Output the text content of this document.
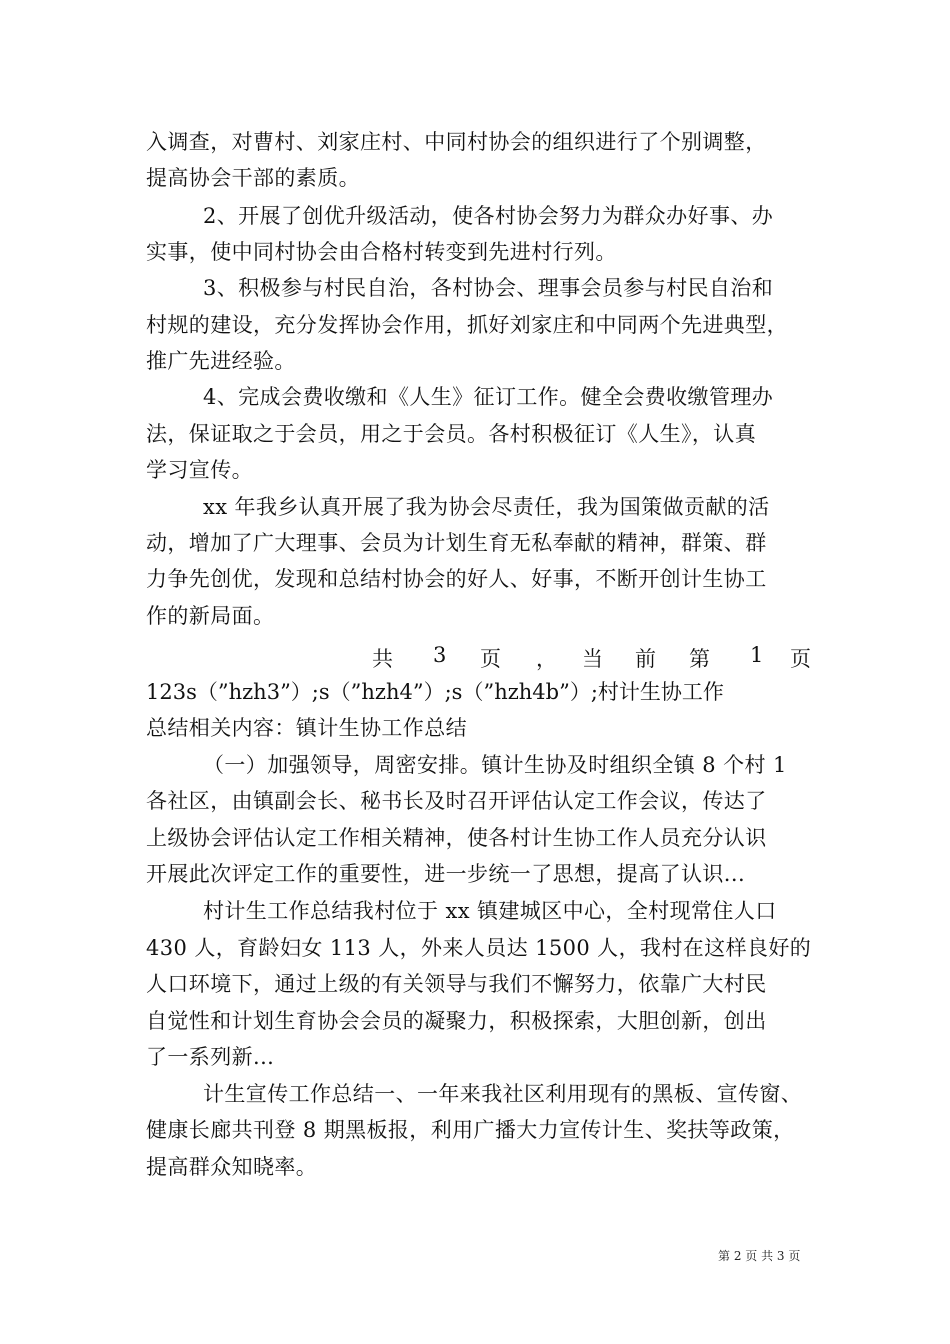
入调查，对曹村、刘家庄村、中同村协会的组织进行了个别调整，
提高协会干部的素质。
2、开展了创优升级活动，使各村协会努力为群众办好事、办
实事，使中同村协会由合格村转变到先进村行列。
3、积极参与村民自治，各村协会、理事会员参与村民自治和
村规的建设，充分发挥协会作用，抓好刘家庄和中同两个先进典型，
推广先进经验。
4、完成会费收缴和《人生》征订工作。健全会费收缴管理办
法，保证取之于会员，用之于会员。各村积极征订《人生》，认真
学习宣传。
xx 年我乡认真开展了我为协会尽责任，我为国策做贡献的活
动，增加了广大理事、会员为计划生育无私奉献的精神，群策、群
力争先创优，发现和总结村协会的好人、好事，不断开创计生协工
作的新局面。
共 3 页 ， 当 前 第 1 页
123s（”hzh3”）;s（”hzh4”）;s（”hzh4b”）;村计生协工作
总结相关内容：镇计生协工作总结
（一）加强领导，周密安排。镇计生协及时组织全镇 8 个村 1
各社区，由镇副会长、秘书长及时召开评估认定工作会议，传达了
上级协会评估认定工作相关精神，使各村计生协工作人员充分认识
开展此次评定工作的重要性，进一步统一了思想，提高了认识...
村计生工作总结我村位于 xx 镇建城区中心，全村现常住人口
430 人，育龄妇女 113 人，外来人员达 1500 人，我村在这样良好的
人口环境下，通过上级的有关领导与我们不懈努力，依靠广大村民
自觉性和计划生育协会会员的凝聚力，积极探索，大胆创新，创出
了一系列新...
计生宣传工作总结一、一年来我社区利用现有的黑板、宣传窗、
健康长廊共刊登 8 期黑板报，利用广播大力宣传计生、奖扶等政策，
提高群众知晓率。
第 2 页 共 3 页
